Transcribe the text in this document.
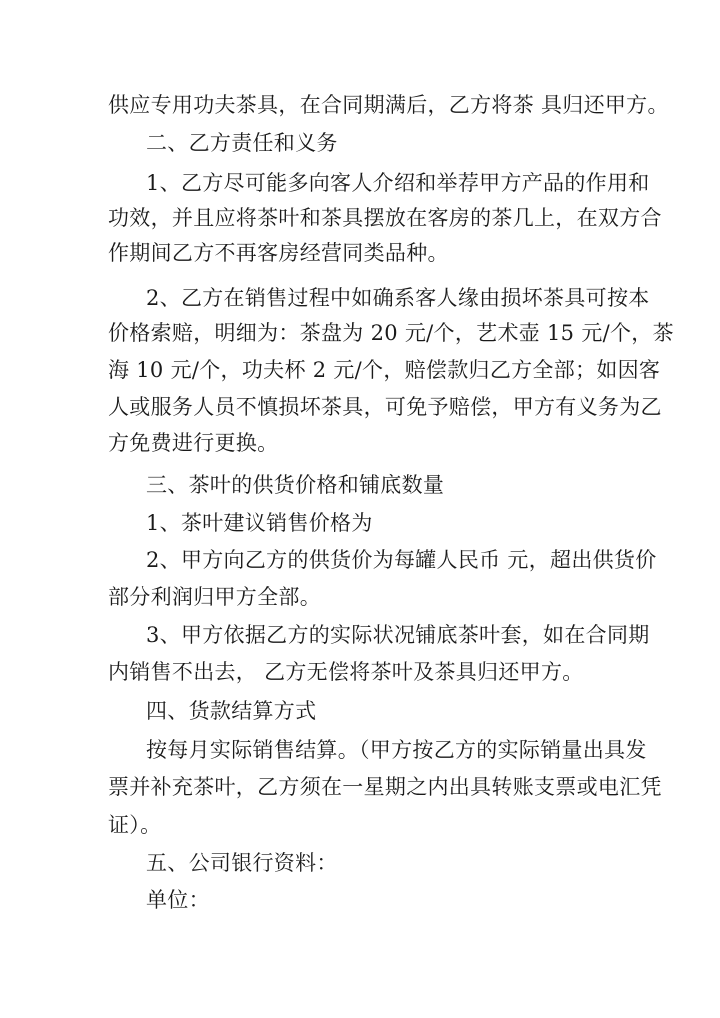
供应专用功夫茶具，在合同期满后，乙方将茶 具归还甲方。
二、乙方责任和义务
1、乙方尽可能多向客人介绍和举荐甲方产品的作用和
功效，并且应将茶叶和茶具摆放在客房的茶几上，在双方合
作期间乙方不再客房经营同类品种。
2、乙方在销售过程中如确系客人缘由损坏茶具可按本
价格索赔，明细为：茶盘为 20 元/个，艺术壶 15 元/个，茶
海 10 元/个，功夫杯 2 元/个，赔偿款归乙方全部；如因客
人或服务人员不慎损坏茶具，可免予赔偿，甲方有义务为乙
方免费进行更换。
三、茶叶的供货价格和铺底数量
1、茶叶建议销售价格为
2、甲方向乙方的供货价为每罐人民币 元，超出供货价
部分利润归甲方全部。
3、甲方依据乙方的实际状况铺底茶叶套，如在合同期
内销售不出去， 乙方无偿将茶叶及茶具归还甲方。
四、货款结算方式
按每月实际销售结算。（甲方按乙方的实际销量出具发
票并补充茶叶，乙方须在一星期之内出具转账支票或电汇凭
证）。
五、公司银行资料：
单位：
